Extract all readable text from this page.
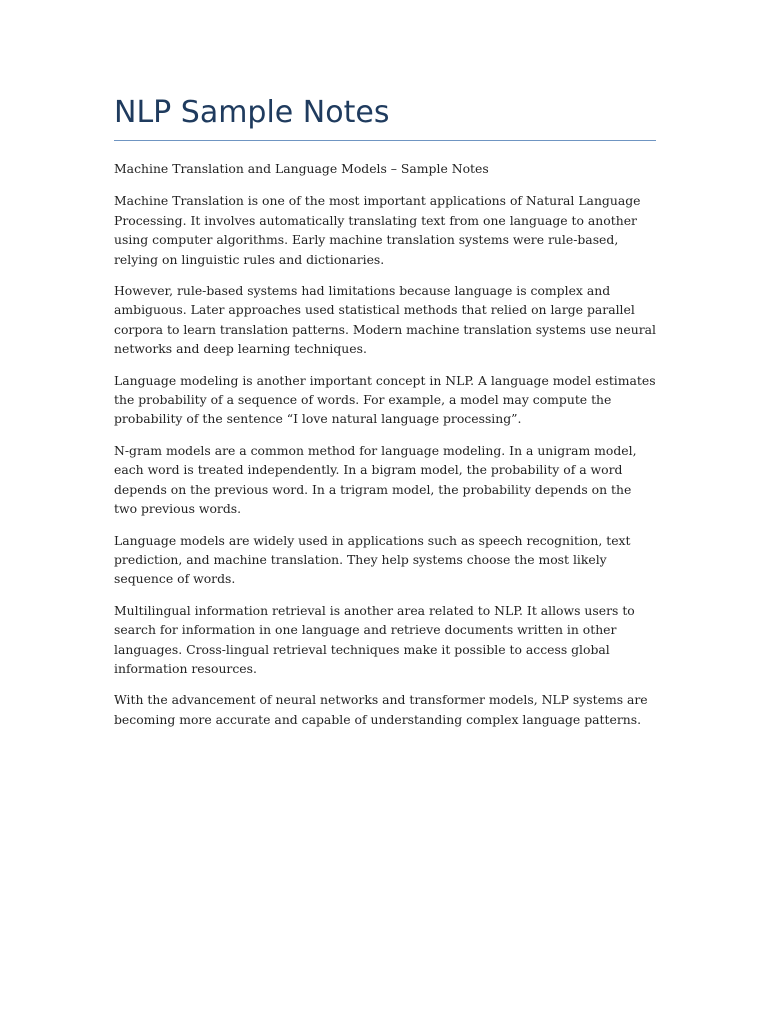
NLP Sample Notes

Machine Translation and Language Models – Sample Notes

Machine Translation is one of the most important applications of Natural Language Processing. It involves automatically translating text from one language to another using computer algorithms. Early machine translation systems were rule-based, relying on linguistic rules and dictionaries.

However, rule-based systems had limitations because language is complex and ambiguous. Later approaches used statistical methods that relied on large parallel corpora to learn translation patterns. Modern machine translation systems use neural networks and deep learning techniques.

Language modeling is another important concept in NLP. A language model estimates the probability of a sequence of words. For example, a model may compute the probability of the sentence “I love natural language processing”.

N-gram models are a common method for language modeling. In a unigram model, each word is treated independently. In a bigram model, the probability of a word depends on the previous word. In a trigram model, the probability depends on the two previous words.

Language models are widely used in applications such as speech recognition, text prediction, and machine translation. They help systems choose the most likely sequence of words.

Multilingual information retrieval is another area related to NLP. It allows users to search for information in one language and retrieve documents written in other languages. Cross-lingual retrieval techniques make it possible to access global information resources.

With the advancement of neural networks and transformer models, NLP systems are becoming more accurate and capable of understanding complex language patterns.
